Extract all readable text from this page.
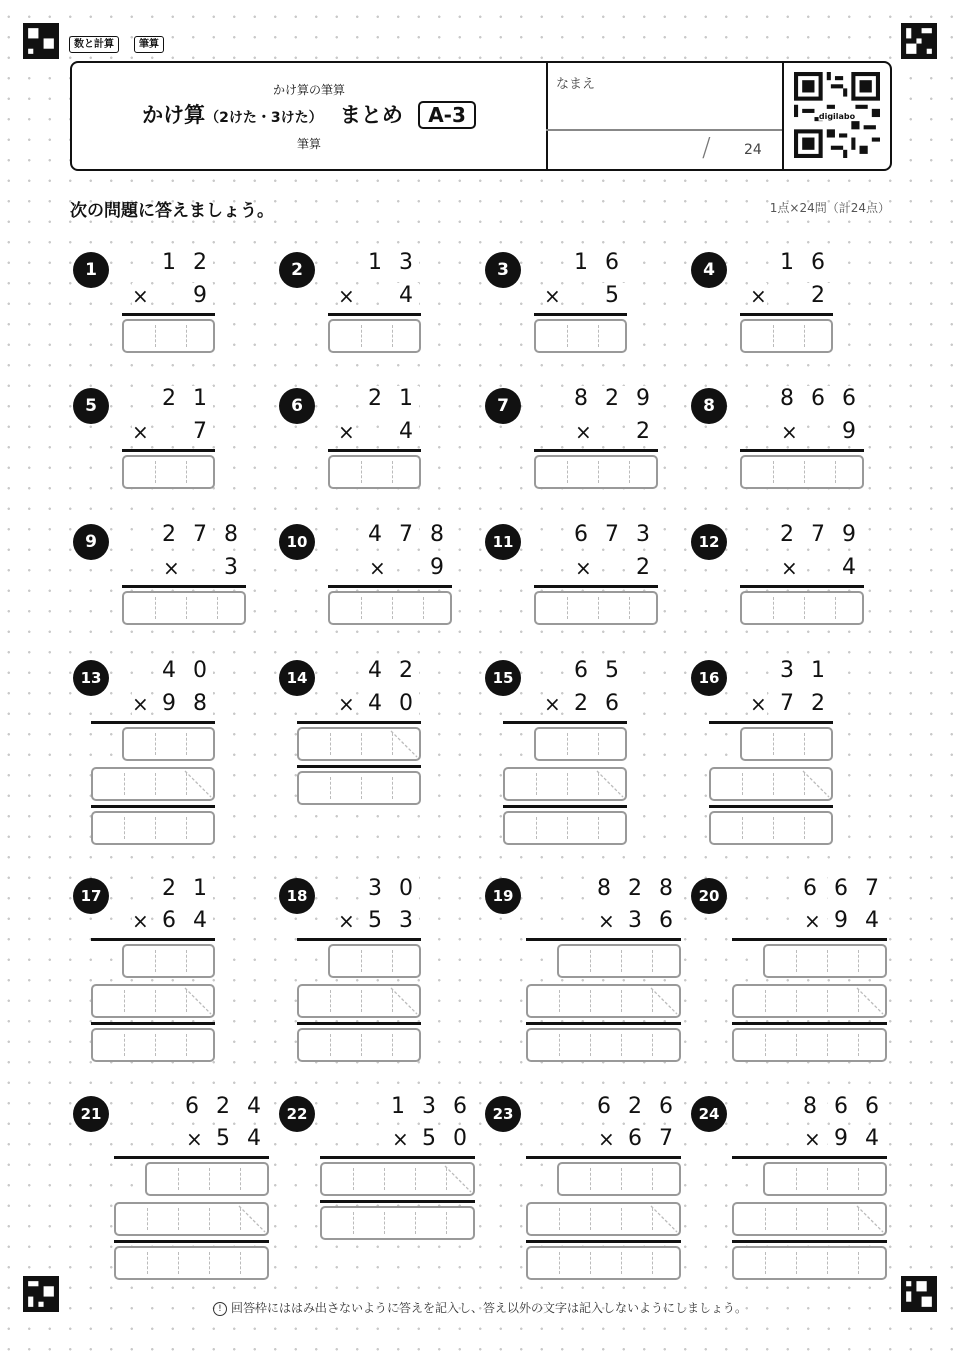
数と計算	筆算
かけ算の筆算
かけ算（2けた・3けた） まとめ A-3
筆算
なまえ
/ 24
digilabo
次の問題に答えましょう。	1点×24問（計24点）
1	1 2
9
×
2	1 3
4
×
3	1 6
5
×
4	1 6
2
×
5	2 1
7
×
6	2 1
4
×
7	8 2 9
2
×
8	8 6 6
9
×
9	2 7 8
3
×
10	4 7 8
9
×
11	6 7 3
2
×
12	2 7 9
4
×
13	4 0
9 8
×
14	4 2
4 0
×
15	6 5
2 6
×
16	3 1
7 2
×
17	2 1
6 4
×
18	3 0
5 3
×
19	8 2 8
3 6
×
20	6 6 7
9 4
×
21	6 2 4
5 4
×
22	1 3 6
5 0
×
23	6 2 6
6 7
×
24	8 6 6
9 4
×
! 回答枠にははみ出さないように答えを記入し、答え以外の文字は記入しないようにしましょう。
